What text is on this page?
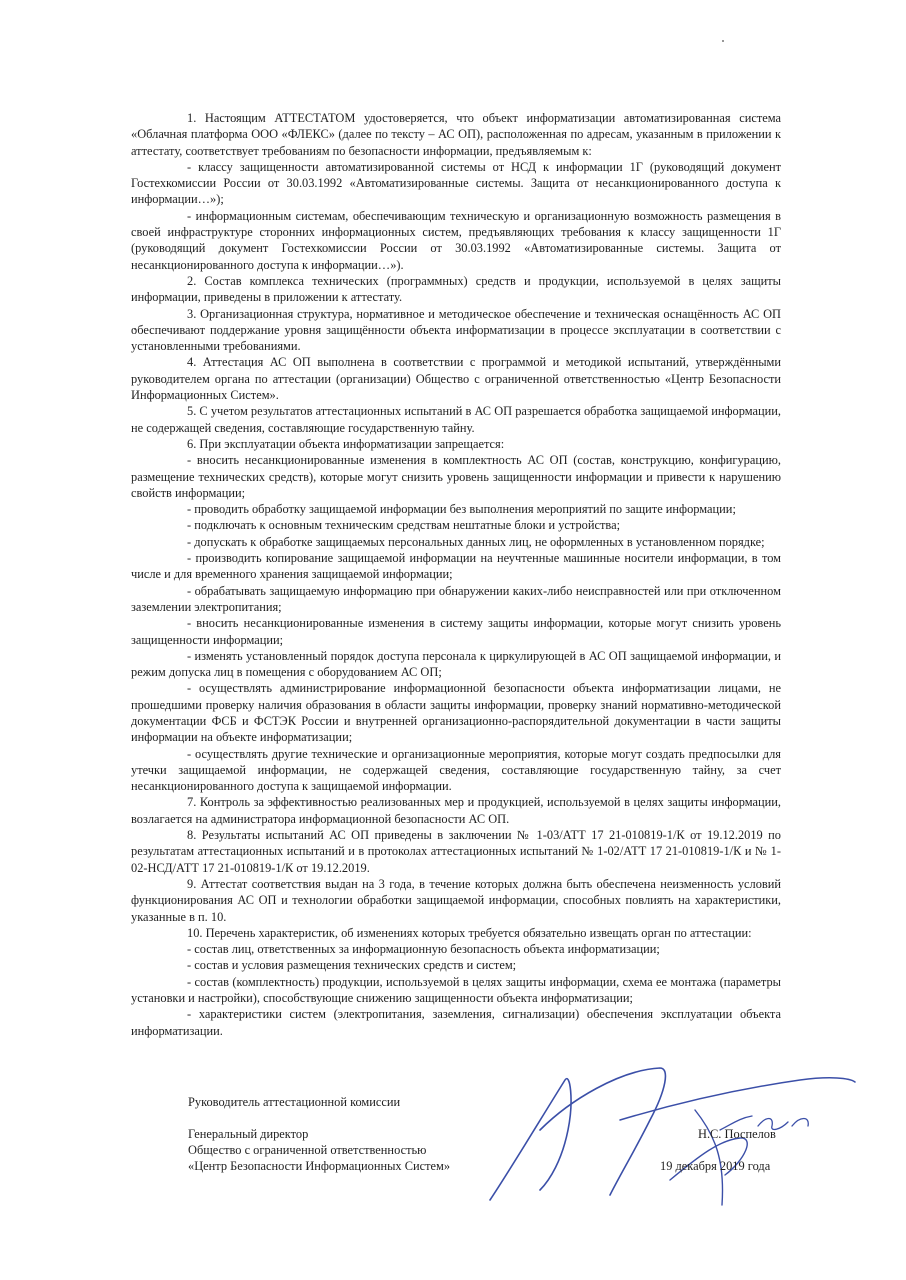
1. Настоящим АТТЕСТАТОМ удостоверяется, что объект информатизации автоматизированная система «Облачная платформа ООО «ФЛЕКС» (далее по тексту – АС ОП), расположенная по адресам, указанным в приложении к аттестату, соответствует требованиям по безопасности информации, предъявляемым к:

- классу защищенности автоматизированной системы от НСД к информации 1Г (руководящий документ Гостехкомиссии России от 30.03.1992 «Автоматизированные системы. Защита от несанкционированного доступа к информации…»);

- информационным системам, обеспечивающим техническую и организационную возможность размещения в своей инфраструктуре сторонних информационных систем, предъявляющих требования к классу защищенности 1Г (руководящий документ Гостехкомиссии России от 30.03.1992 «Автоматизированные системы. Защита от несанкционированного доступа к информации…»).

2. Состав комплекса технических (программных) средств и продукции, используемой в целях защиты информации, приведены в приложении к аттестату.

3. Организационная структура, нормативное и методическое обеспечение и техническая оснащённость АС ОП обеспечивают поддержание уровня защищённости объекта информатизации в процессе эксплуатации в соответствии с установленными требованиями.

4. Аттестация АС ОП выполнена в соответствии с программой и методикой испытаний, утверждёнными руководителем органа по аттестации (организации) Общество с ограниченной ответственностью «Центр Безопасности Информационных Систем».

5. С учетом результатов аттестационных испытаний в АС ОП разрешается обработка защищаемой информации, не содержащей сведения, составляющие государственную тайну.

6. При эксплуатации объекта информатизации запрещается:

- вносить несанкционированные изменения в комплектность АС ОП (состав, конструкцию, конфигурацию, размещение технических средств), которые могут снизить уровень защищенности информации и привести к нарушению свойств информации;

- проводить обработку защищаемой информации без выполнения мероприятий по защите информации;

- подключать к основным техническим средствам нештатные блоки и устройства;

- допускать к обработке защищаемых персональных данных лиц, не оформленных в установленном порядке;

- производить копирование защищаемой информации на неучтенные машинные носители информации, в том числе и для временного хранения защищаемой информации;

- обрабатывать защищаемую информацию при обнаружении каких-либо неисправностей или при отключенном заземлении электропитания;

- вносить несанкционированные изменения в систему защиты информации, которые могут снизить уровень защищенности информации;

- изменять установленный порядок доступа персонала к циркулирующей в АС ОП защищаемой информации, и режим допуска лиц в помещения с оборудованием АС ОП;

- осуществлять администрирование информационной безопасности объекта информатизации лицами, не прошедшими проверку наличия образования в области защиты информации, проверку знаний нормативно-методической документации ФСБ и ФСТЭК России и внутренней организационно-распорядительной документации в части защиты информации на объекте информатизации;

- осуществлять другие технические и организационные мероприятия, которые могут создать предпосылки для утечки защищаемой информации, не содержащей сведения, составляющие государственную тайну, за счет несанкционированного доступа к защищаемой информации.

7. Контроль за эффективностью реализованных мер и продукцией, используемой в целях защиты информации, возлагается на администратора информационной безопасности АС ОП.

8. Результаты испытаний АС ОП приведены в заключении № 1-03/АТТ 17 21-010819-1/К от 19.12.2019 по результатам аттестационных испытаний и в протоколах аттестационных испытаний № 1-02/АТТ 17 21-010819-1/К и № 1-02-НСД/АТТ 17 21-010819-1/К от 19.12.2019.

9. Аттестат соответствия выдан на 3 года, в течение которых должна быть обеспечена неизменность условий функционирования АС ОП и технологии обработки защищаемой информации, способных повлиять на характеристики, указанные в п. 10.

10. Перечень характеристик, об изменениях которых требуется обязательно извещать орган по аттестации:

- состав лиц, ответственных за информационную безопасность объекта информатизации;

- состав и условия размещения технических средств и систем;

- состав (комплектность) продукции, используемой в целях защиты информации, схема ее монтажа (параметры установки и настройки), способствующие снижению защищенности объекта информатизации;

- характеристики систем (электропитания, заземления, сигнализации) обеспечения эксплуатации объекта информатизации.

Руководитель аттестационной комиссии
Генеральный директор
Общество с ограниченной ответственностью
«Центр Безопасности Информационных Систем»
Н.С. Поспелов
19 декабря 2019 года
